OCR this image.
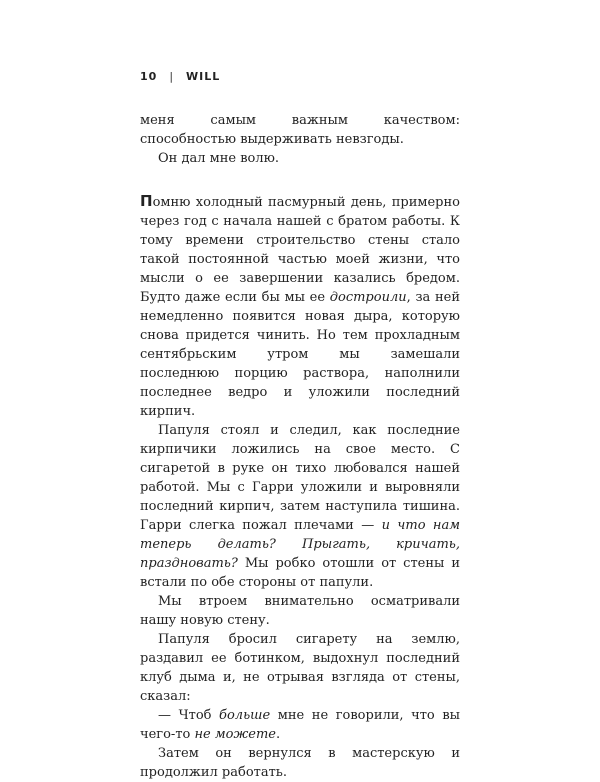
10 | WILL

меня самым важным качеством: способностью выдерживать невзгоды.

Он дал мне волю.

Помню холодный пасмурный день, примерно через год с начала нашей с братом работы. К тому времени строительство стены стало такой постоянной частью моей жизни, что мысли о ее завершении казались бредом. Будто даже если бы мы ее достроили, за ней немедленно появится новая дыра, которую снова придется чинить. Но тем прохладным сентябрьским утром мы замешали последнюю порцию раствора, наполнили последнее ведро и уложили последний кирпич.

Папуля стоял и следил, как последние кирпичики ложились на свое место. С сигаретой в руке он тихо любовался нашей работой. Мы с Гарри уложили и выровняли последний кирпич, затем наступила тишина. Гарри слегка пожал плечами — и что нам теперь делать? Прыгать, кричать, праздновать? Мы робко отошли от стены и встали по обе стороны от папули.

Мы втроем внимательно осматривали нашу новую стену.

Папуля бросил сигарету на землю, раздавил ее ботинком, выдохнул последний клуб дыма и, не отрывая взгляда от стены, сказал:

— Чтоб больше мне не говорили, что вы чего-то не можете.

Затем он вернулся в мастерскую и продолжил работать.
